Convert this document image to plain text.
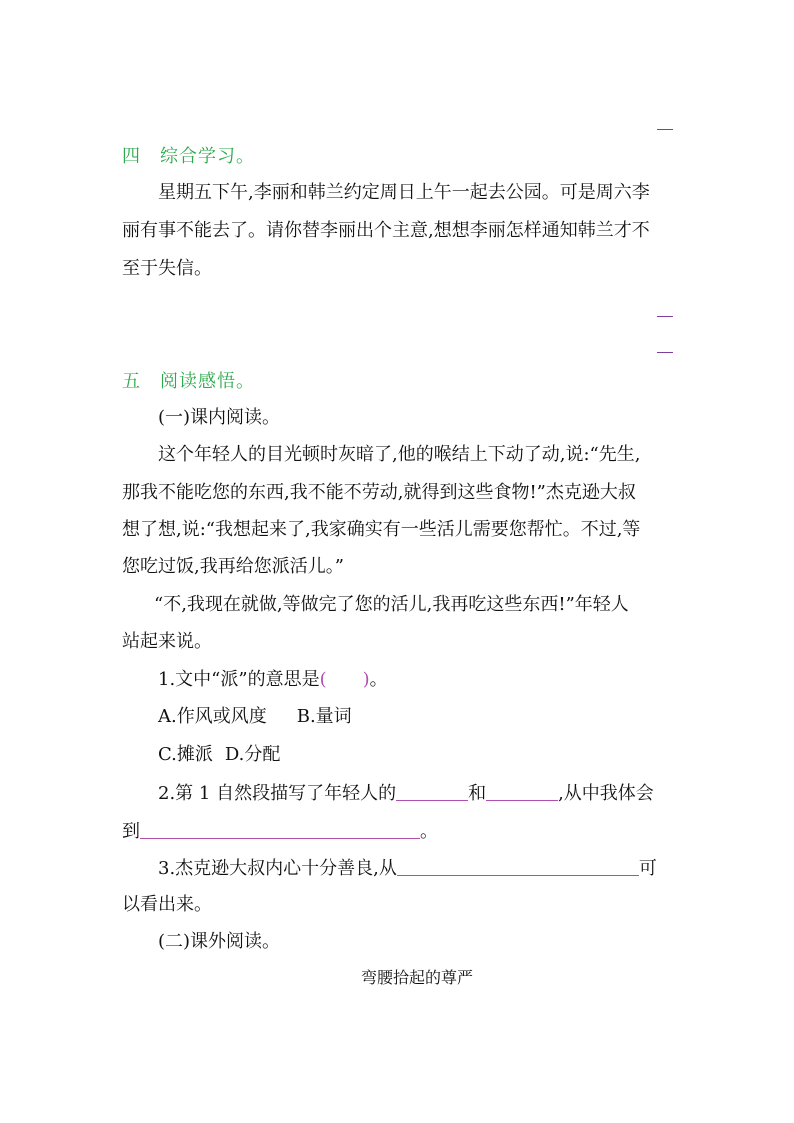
四　综合学习。
星期五下午,李丽和韩兰约定周日上午一起去公园。可是周六李
丽有事不能去了。请你替李丽出个主意,想想李丽怎样通知韩兰才不
至于失信。
五　阅读感悟。
(一)课内阅读。
这个年轻人的目光顿时灰暗了,他的喉结上下动了动,说:“先生,
那我不能吃您的东西,我不能不劳动,就得到这些食物!”杰克逊大叔
想了想,说:“我想起来了,我家确实有一些活儿需要您帮忙。不过,等
您吃过饭,我再给您派活儿。”
“不,我现在就做,等做完了您的活儿,我再吃这些东西!”年轻人
站起来说。
1.文中“派”的意思是(　　)。
A.作风或风度 B.量词
C.摊派 D.分配
2.第 1 自然段描写了年轻人的	和	,从中我体会
到	。
3.杰克逊大叔内心十分善良,从	可
以看出来。
(二)课外阅读。
弯腰拾起的尊严
